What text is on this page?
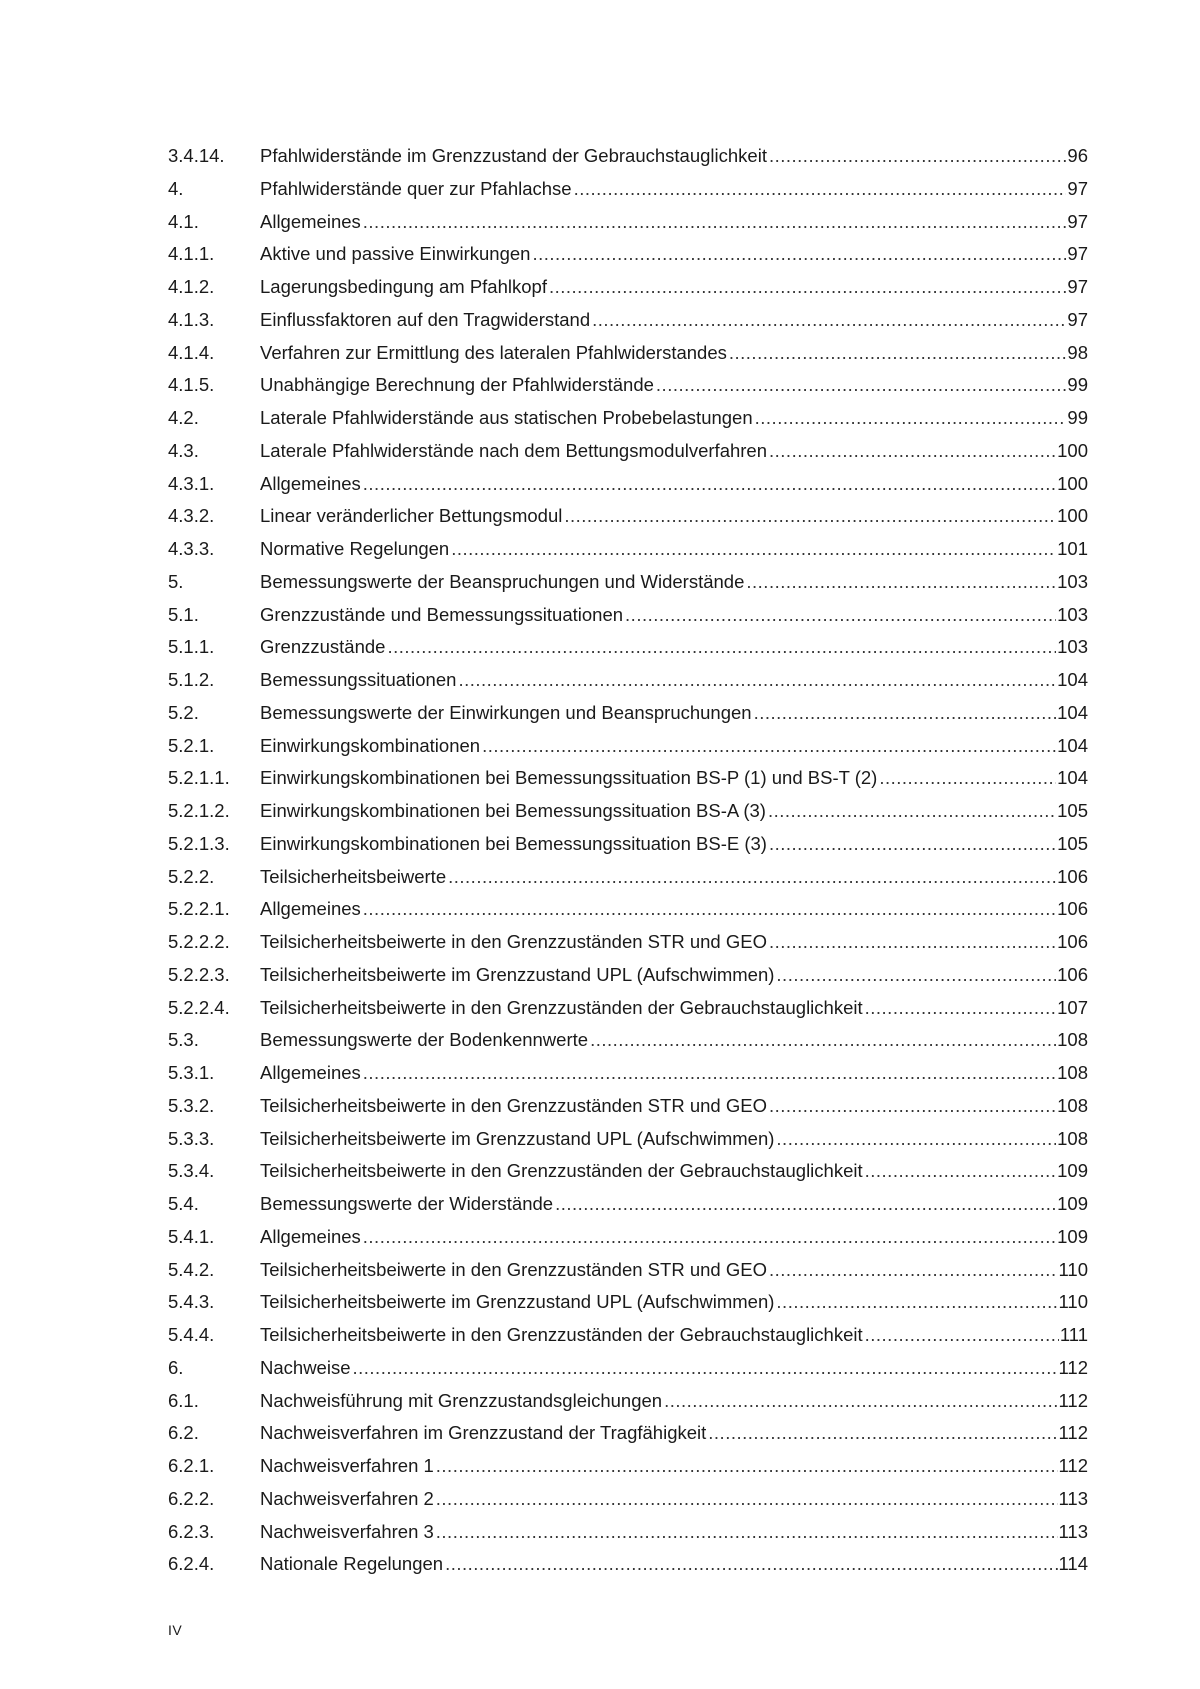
3.4.14.	Pfahlwiderstände im Grenzzustand der Gebrauchstauglichkeit .....	96
4.	Pfahlwiderstände quer zur Pfahlachse .....	97
4.1.	Allgemeines .....	97
4.1.1.	Aktive und passive Einwirkungen .....	97
4.1.2.	Lagerungsbedingung am Pfahlkopf .....	97
4.1.3.	Einflussfaktoren auf den Tragwiderstand .....	97
4.1.4.	Verfahren zur Ermittlung des lateralen Pfahlwiderstandes .....	98
4.1.5.	Unabhängige Berechnung der Pfahlwiderstände .....	99
4.2.	Laterale Pfahlwiderstände aus statischen Probebelastungen .....	99
4.3.	Laterale Pfahlwiderstände nach dem Bettungsmodulverfahren .....	100
4.3.1.	Allgemeines .....	100
4.3.2.	Linear veränderlicher Bettungsmodul .....	100
4.3.3.	Normative Regelungen .....	101
5.	Bemessungswerte der Beanspruchungen und Widerstände .....	103
5.1.	Grenzzustände und Bemessungssituationen .....	103
5.1.1.	Grenzzustände .....	103
5.1.2.	Bemessungssituationen .....	104
5.2.	Bemessungswerte der Einwirkungen und Beanspruchungen .....	104
5.2.1.	Einwirkungskombinationen .....	104
5.2.1.1.	Einwirkungskombinationen bei Bemessungssituation BS-P (1) und BS-T (2) .....	104
5.2.1.2.	Einwirkungskombinationen bei Bemessungssituation BS-A (3) .....	105
5.2.1.3.	Einwirkungskombinationen bei Bemessungssituation BS-E (3) .....	105
5.2.2.	Teilsicherheitsbeiwerte .....	106
5.2.2.1.	Allgemeines .....	106
5.2.2.2.	Teilsicherheitsbeiwerte in den Grenzzuständen STR und GEO .....	106
5.2.2.3.	Teilsicherheitsbeiwerte im Grenzzustand UPL (Aufschwimmen) .....	106
5.2.2.4.	Teilsicherheitsbeiwerte in den Grenzzuständen der Gebrauchstauglichkeit .....	107
5.3.	Bemessungswerte der Bodenkennwerte .....	108
5.3.1.	Allgemeines .....	108
5.3.2.	Teilsicherheitsbeiwerte in den Grenzzuständen STR und GEO .....	108
5.3.3.	Teilsicherheitsbeiwerte im Grenzzustand UPL (Aufschwimmen) .....	108
5.3.4.	Teilsicherheitsbeiwerte in den Grenzzuständen der Gebrauchstauglichkeit .....	109
5.4.	Bemessungswerte der Widerstände .....	109
5.4.1.	Allgemeines .....	109
5.4.2.	Teilsicherheitsbeiwerte in den Grenzzuständen STR und GEO .....	110
5.4.3.	Teilsicherheitsbeiwerte im Grenzzustand UPL (Aufschwimmen) .....	110
5.4.4.	Teilsicherheitsbeiwerte in den Grenzzuständen der Gebrauchstauglichkeit .....	111
6.	Nachweise .....	112
6.1.	Nachweisführung mit Grenzzustandsgleichungen .....	112
6.2.	Nachweisverfahren im Grenzzustand der Tragfähigkeit .....	112
6.2.1.	Nachweisverfahren 1 .....	112
6.2.2.	Nachweisverfahren 2 .....	113
6.2.3.	Nachweisverfahren 3 .....	113
6.2.4.	Nationale Regelungen .....	114
IV
